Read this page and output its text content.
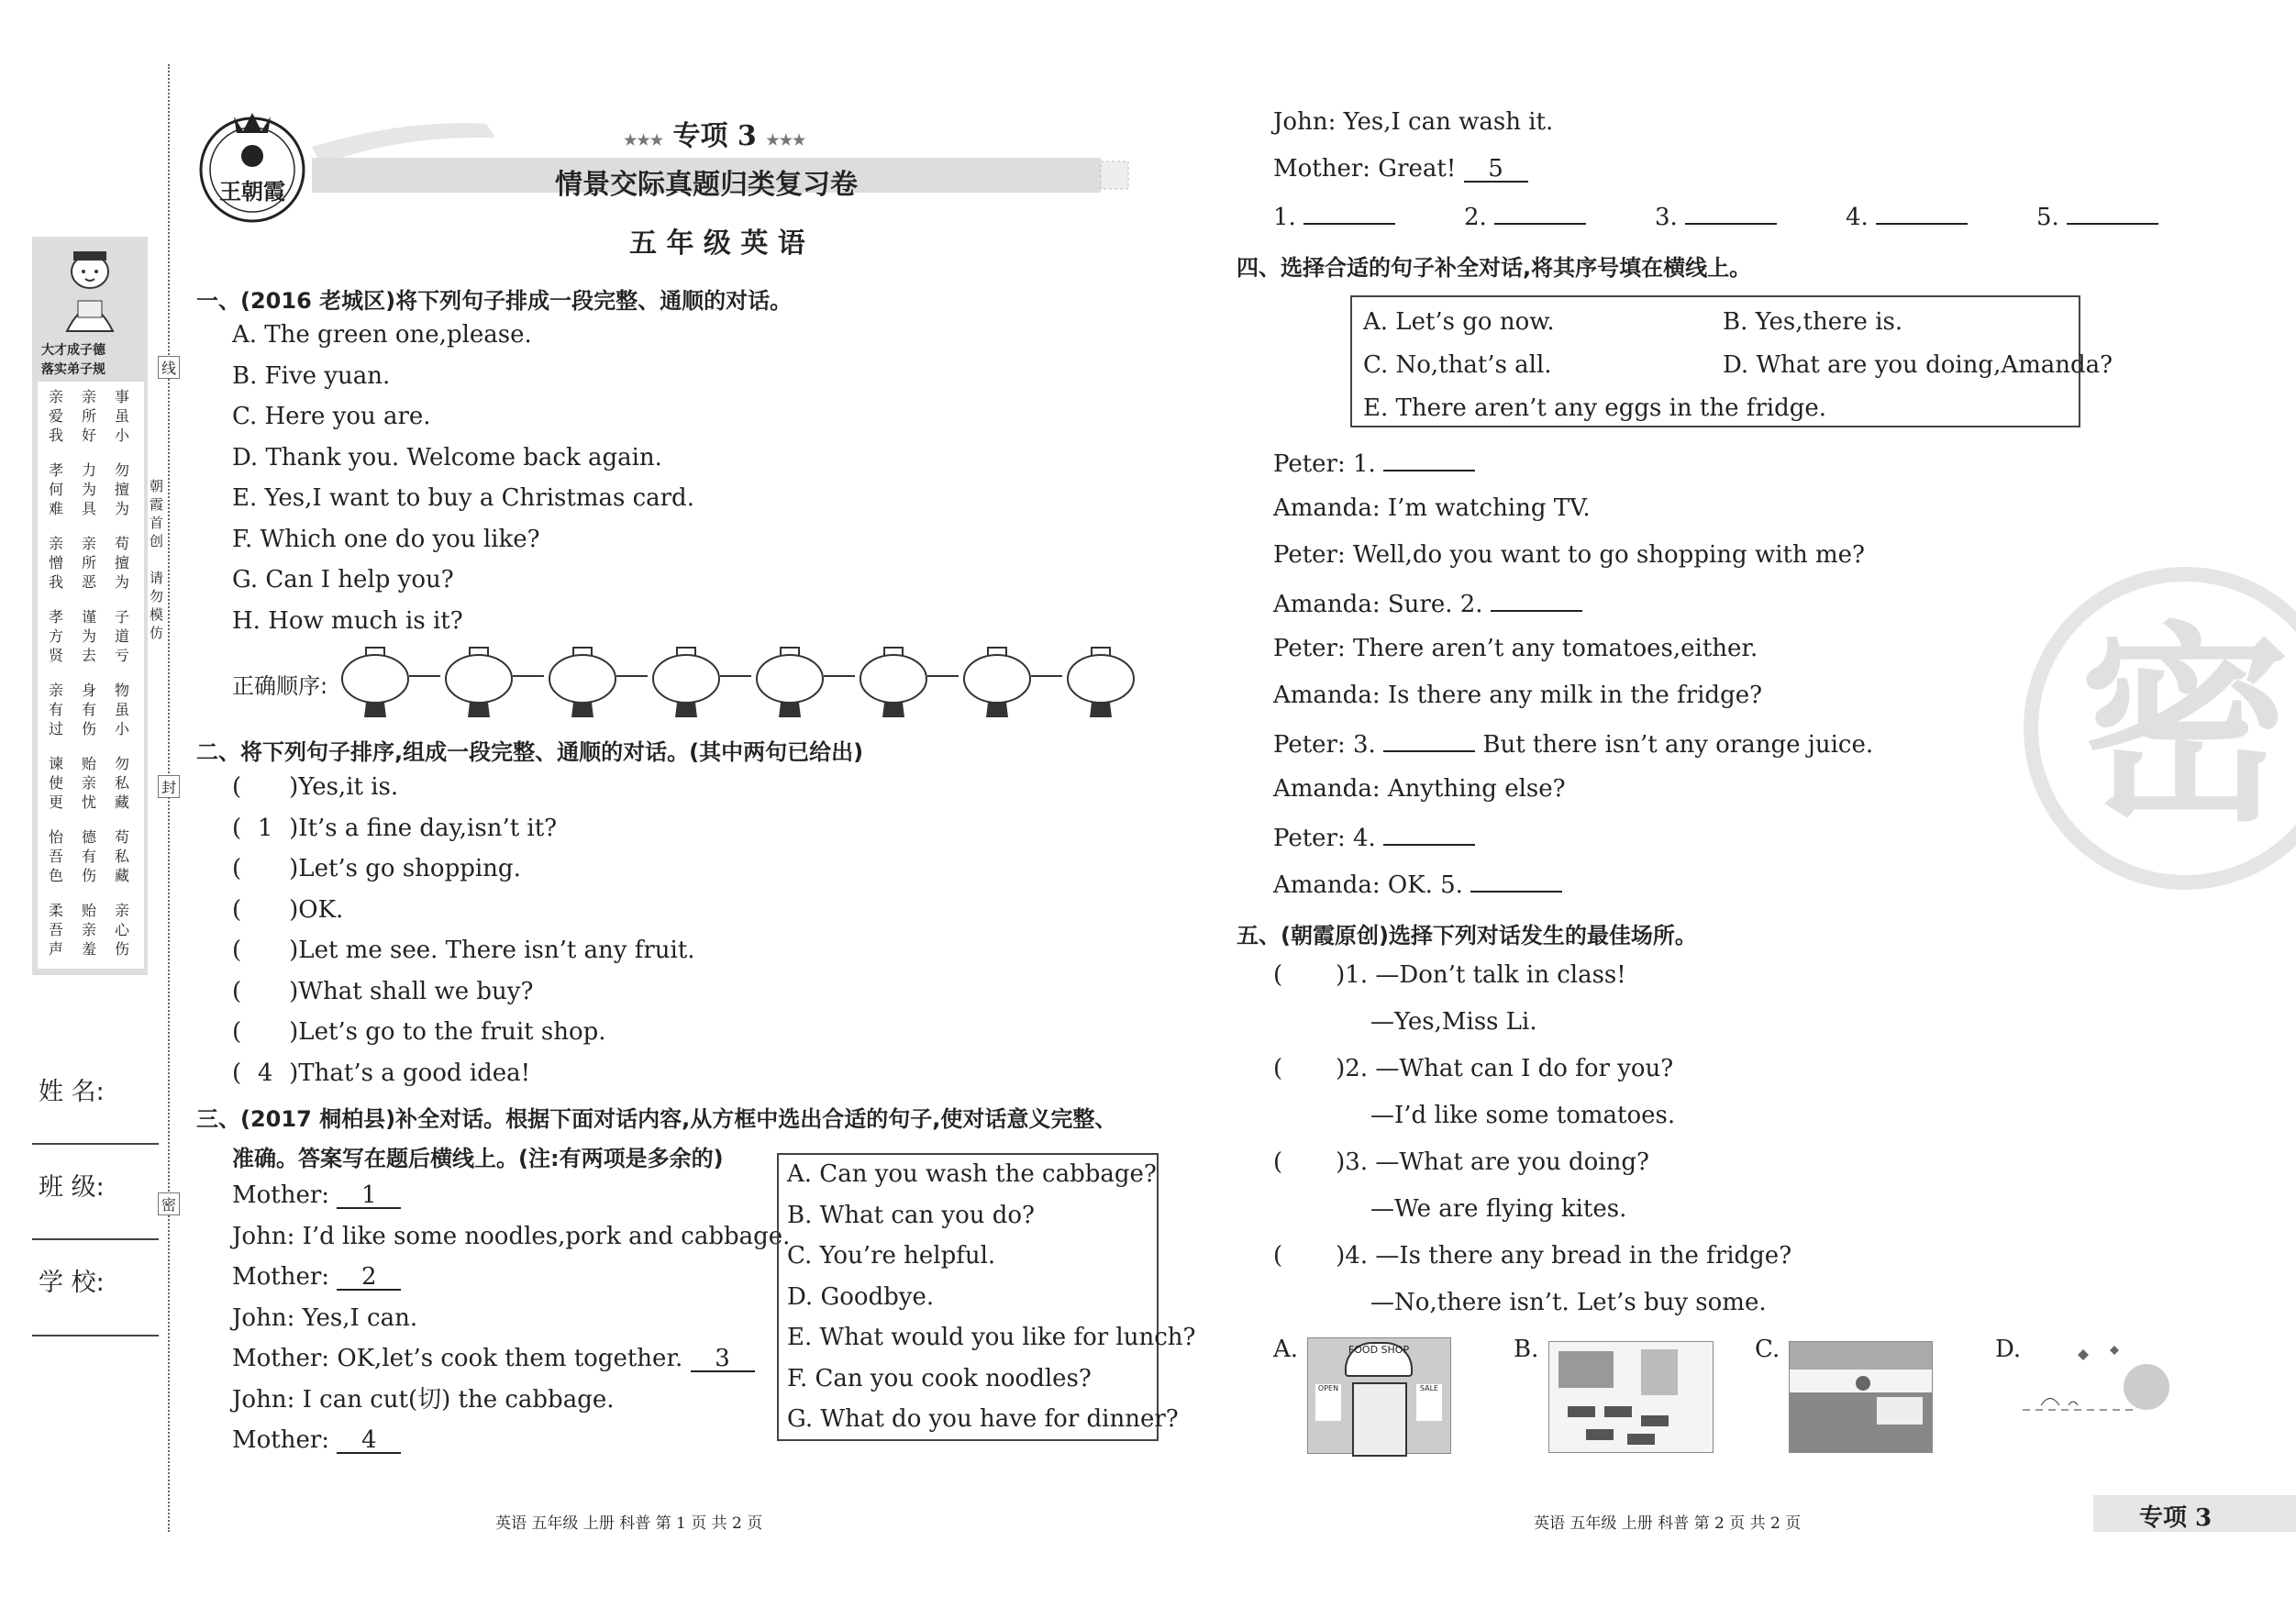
大才成子德
落实弟子规
亲爱我
亲所好
事虽小
孝何难
力为具
勿擅为
亲憎我
亲所恶
苟擅为
孝方贤
谨为去
子道亏
亲有过
身有伤
物虽小
谏使更
贻亲忧
勿私藏
怡吾色
德有伤
苟私藏
柔吾声
贻亲羞
亲心伤
姓 名:
班 级:
学 校:
线
封
密
朝霞首创
请勿模仿
王朝霞
★★★ 专项 3 ★★★
情景交际真题归类复习卷
五 年 级 英 语
一、(2016 老城区)将下列句子排成一段完整、通顺的对话。
A. The green one,please.
B. Five yuan.
C. Here you are.
D. Thank you. Welcome back again.
E. Yes,I want to buy a Christmas card.
F. Which one do you like?
G. Can I help you?
H. How much is it?
正确顺序:
二、将下列句子排序,组成一段完整、通顺的对话。(其中两句已给出)
( )Yes,it is.
( 1 )It’s a fine day,isn’t it?
( )Let’s go shopping.
( )OK.
( )Let me see. There isn’t any fruit.
( )What shall we buy?
( )Let’s go to the fruit shop.
( 4 )That’s a good idea!
三、(2017 桐柏县)补全对话。根据下面对话内容,从方框中选出合适的句子,使对话意义完整、
准确。答案写在题后横线上。(注:有两项是多余的)
Mother: 1
John: I’d like some noodles,pork and cabbage.
Mother: 2
John: Yes,I can.
Mother: OK,let’s cook them together. 3
John: I can cut(切) the cabbage.
Mother: 4
A. Can you wash the cabbage?
B. What can you do?
C. You’re helpful.
D. Goodbye.
E. What would you like for lunch?
F. Can you cook noodles?
G. What do you have for dinner?
英语 五年级 上册 科普 第 1 页 共 2 页
John: Yes,I can wash it.
Mother: Great! 5
1.	2.	3.	4.	5.
四、选择合适的句子补全对话,将其序号填在横线上。
A. Let’s go now.	B. Yes,there is.
C. No,that’s all.	D. What are you doing,Amanda?
E. There aren’t any eggs in the fridge.
Peter: 1.
Amanda: I’m watching TV.
Peter: Well,do you want to go shopping with me?
Amanda: Sure. 2.
Peter: There aren’t any tomatoes,either.
Amanda: Is there any milk in the fridge?
Peter: 3.	But there isn’t any orange juice.
Amanda: Anything else?
Peter: 4.
Amanda: OK. 5.
五、(朝霞原创)选择下列对话发生的最佳场所。
( )1. —Don’t talk in class!
—Yes,Miss Li.
( )2. —What can I do for you?
—I’d like some tomatoes.
( )3. —What are you doing?
—We are flying kites.
( )4. —Is there any bread in the fridge?
—No,there isn’t. Let’s buy some.
A.	FOOD SHOP
OPEN	SALE
B.	C.	D.
密
英语 五年级 上册 科普 第 2 页 共 2 页	专项 3
